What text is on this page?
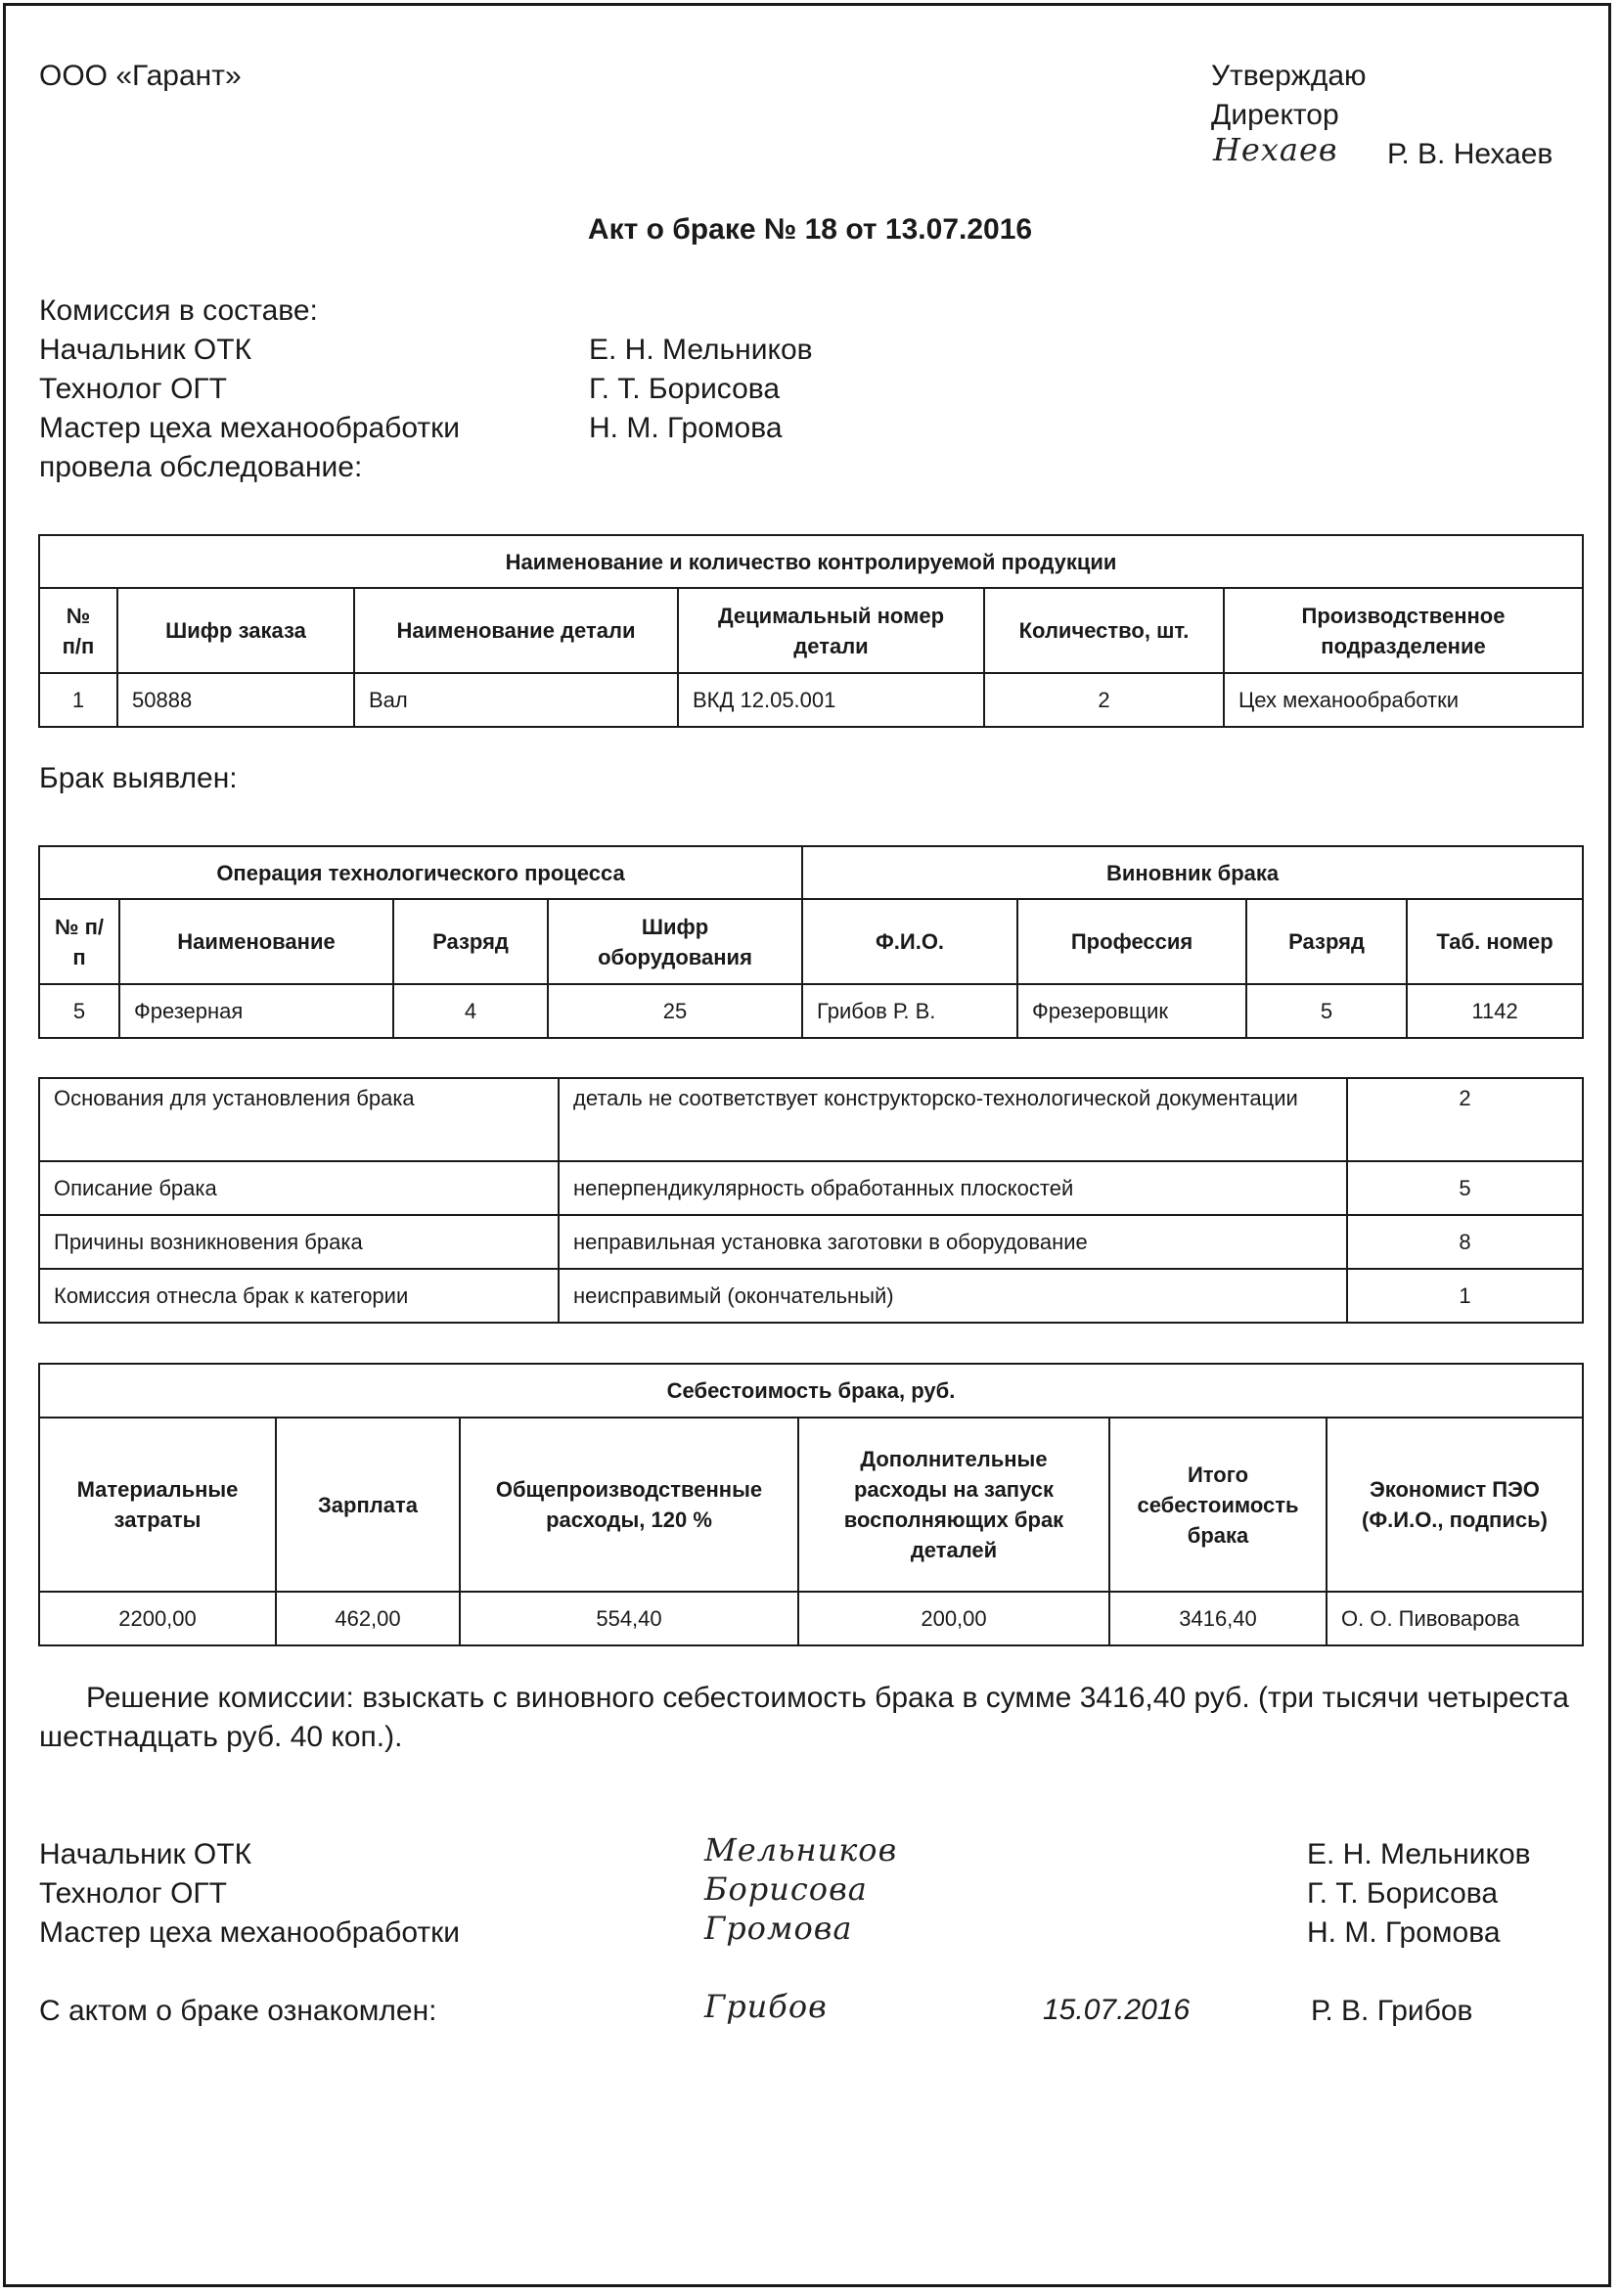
ООО «Гарант»	Утверждаю
Директор
Нехаев Р. В. Нехаев
Акт о браке № 18 от 13.07.2016
Комиссия в составе:
Начальник ОТК	Е. Н. Мельников
Технолог ОГТ	Г. Т. Борисова
Мастер цеха механообработки	Н. М. Громова
провела обследование:
Наименование и количество контролируемой продукции					
№ п/п	Шифр заказа	Наименование детали	Децимальный номер детали	Количество, шт.	Производственное подразделение
1	50888	Вал	ВКД 12.05.001	2	Цех механообработки
Брак выявлен:
Операция технологического процесса				Виновник брака			
№ п/п	Наименование	Разряд	Шифр оборудования	Ф.И.О.	Профессия	Разряд	Таб. номер
5	Фрезерная	4	25	Грибов Р. В.	Фрезеровщик	5	1142
Основания для установления брака	деталь не соответствует конструкторско-технологической документации	2
Описание брака	неперпендикулярность обработанных плоскостей	5
Причины возникновения брака	неправильная установка заготовки в оборудование	8
Комиссия отнесла брак к категории	неисправимый (окончательный)	1
Себестоимость брака, руб.					
Материальные затраты	Зарплата	Общепроизводственные расходы, 120 %	Дополнительные расходы на запуск восполняющих брак деталей	Итого себестоимость брака	Экономист ПЭО (Ф.И.О., подпись)
2200,00	462,00	554,40	200,00	3416,40	О. О. Пивоварова
Решение комиссии: взыскать с виновного себестоимость брака в сумме 3416,40 руб. (три тысячи четыреста шестнадцать руб. 40 коп.).
Начальник ОТК	Мельников	Е. Н. Мельников
Технолог ОГТ	Борисова	Г. Т. Борисова
Мастер цеха механообработки	Громова	Н. М. Громова
С актом о браке ознакомлен:	Грибов	15.07.2016	Р. В. Грибов
